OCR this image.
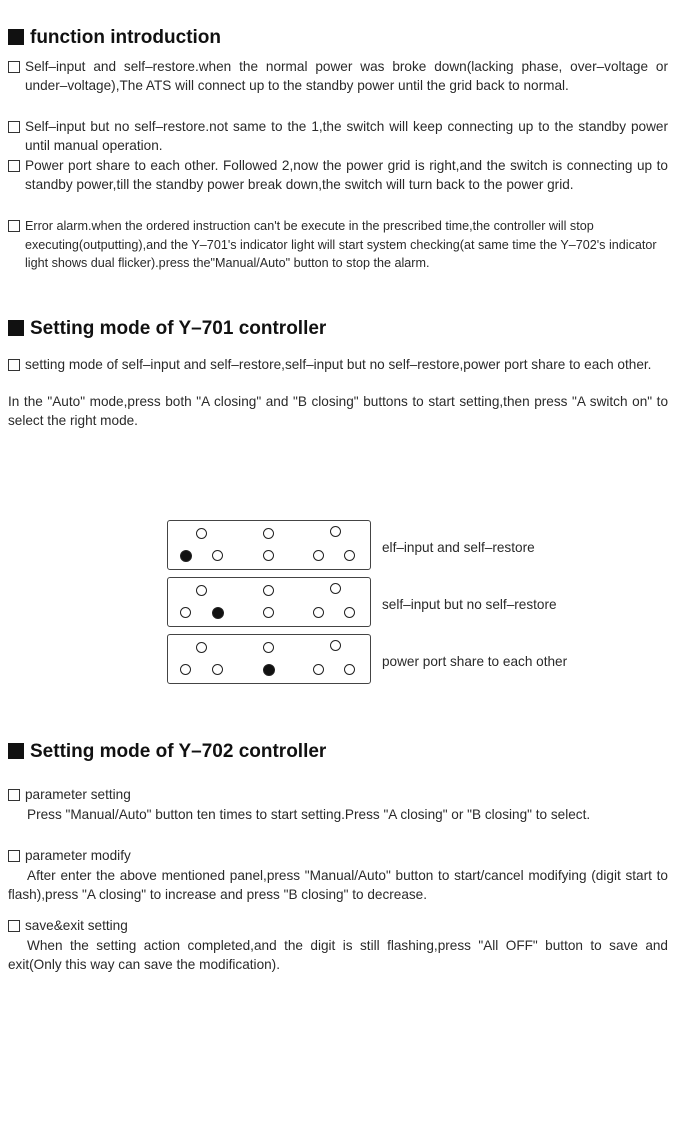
function introduction
Self–input and self–restore.when the normal power was broke down(lacking phase, over–voltage or under–voltage),The ATS will connect up to the standby power until the grid back to normal.
Self–input but no self–restore.not same to the 1,the switch will keep connecting up to the standby power until manual operation.
Power port share to each other. Followed 2,now the power grid is right,and the switch is connecting up to standby power,till the standby power break down,the switch will turn back to the power grid.
Error alarm.when the ordered instruction can't be execute in the prescribed time,the controller will stop executing(outputting),and the Y–701's indicator light will start system checking(at same time the Y–702's indicator light shows dual flicker).press the"Manual/Auto" button to stop the alarm.
Setting mode of Y–701 controller
setting mode of self–input and self–restore,self–input but no self–restore,power port share to each other.
In the "Auto" mode,press both "A closing" and "B closing" buttons to start setting,then press "A switch on" to select the right mode.
elf–input and self–restore
self–input but no self–restore
power port share to each other
Setting mode of Y–702 controller
parameter setting
Press "Manual/Auto" button ten times to start setting.Press "A closing" or "B closing" to select.
parameter modify
After enter the above mentioned panel,press "Manual/Auto" button to start/cancel modifying (digit start to flash),press "A closing" to increase and press "B closing" to decrease.
save&exit setting
When the setting action completed,and the digit is still flashing,press "All OFF" button to save and exit(Only this way can save the modification).
